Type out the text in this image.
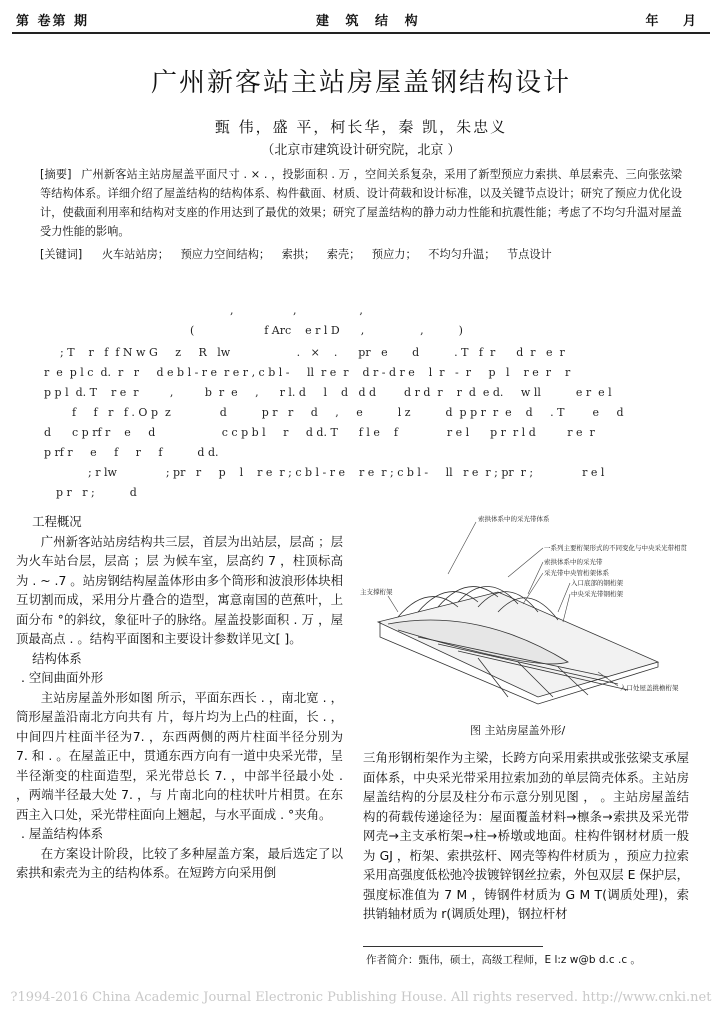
第 卷第 期	建 筑 结 构	年 月
广州新客站主站房屋盖钢结构设计
甄 伟，盛 平，柯长华，秦 凯，朱忠义
（北京市建筑设计研究院，北京 ）
[摘要] 广州新客站主站房屋盖平面尺寸 . × . ，投影面积 . 万 ，空间关系复杂，采用了新型预应力索拱、单层索壳、三向张弦梁等结构体系。详细介绍了屋盖结构的结构体系、构件截面、材质、设计荷载和设计标准，以及关键节点设计；研究了预应力优化设计，使截面利用率和结构对支座的作用达到了最优的效果；研究了屋盖结构的静力动力性能和抗震性能；考虑了不均匀升温对屋盖受力性能的影响。
[关键词] 火车站站房； 预应力空间结构； 索拱； 索壳； 预应力； 不均匀升温； 节点设计
,                 ,                  ,
(                    f Arc    e r l D      ,                ,          )
; T    r   f  f N w G     z     R   lw                   .   ×    .      pr   e       d          . T   f  r      d  r   e  r
r  e  p l c  d.  r   r     d e b l - r e  r e r , c b l -     ll  r e  r    d r - d r e    l  r   -  r     p   l    r e  r    r
p p l  d. T    r e  r         ,         b  r  e     ,      r l. d     l    d   d d        d r d  r    r  d  e d.     w ll          e r  e l
f     f   r   f . O p  z              d          p r   r     d     ,     e          l z          d  p p r  r  e    d     . T        e     d
d      c p rf r    e     d                   c c p b l     r     d d. T      f l e    f              r e l      p r  r l d         r e  r
p rf r     e     f     r     f          d d.
; r lw              ; pr   r     p    l    r e  r ; c b l - r e    r e  r ; c b l -     ll   r e  r ; pr  r ;              r e l
p r   r ;          d

工程概况

广州新客站站房结构共三层，首层为出站层，层高 ；层 为火车站台层，层高 ；层 为候车室，层高约 7 ，柱顶标高为 . ~ .7 。站房钢结构屋盖体形由多个筒形和波浪形体块相互切割而成，采用分片叠合的造型，寓意南国的芭蕉叶，上面分布 °的斜纹，象征叶子的脉络。屋盖投影面积 . 万 ，屋顶最高点 . 。结构平面图和主要设计参数详见文[ ]。

结构体系

. 空间曲面外形

主站房屋盖外形如图 所示，平面东西长 . ，南北宽 . ，筒形屋盖沿南北方向共有 片，每片均为上凸的柱面，长 . ，中间四片柱面半径为7. ，东西两侧的两片柱面半径分别为 7. 和 . 。在屋盖正中，贯通东西方向有一道中央采光带，呈半径渐变的柱面造型，采光带总长 7. ，中部半径最小处 . ，两端半径最大处 7. ，与 片南北向的柱状叶片相贯。在东西主入口处，采光带柱面向上翘起，与水平面成 . °夹角。

. 屋盖结构体系

在方案设计阶段，比较了多种屋盖方案，最后选定了以索拱和索壳为主的结构体系。在短跨方向采用倒

索拱体系中的采光带体系
一系列主要桁架形式的不同变化与中央采光带相贯
索拱体系中的采光带
采光带中央管桁架体系
入口底部的钢桁架
中央采光带钢桁架
入口处屋盖挑檐桁架
主支撑桁架
图 主站房屋盖外形/

三角形钢桁架作为主梁，长跨方向采用索拱或张弦梁支承屋面体系，中央采光带采用拉索加劲的单层筒壳体系。主站房屋盖结构的分层及柱分布示意分别见图 ， 。主站房屋盖结构的荷载传递途径为：屋面覆盖材料→檩条→索拱及采光带网壳→主支承桁架→柱→桥墩或地面。柱构件钢材材质一般为 GJ ，桁架、索拱弦杆、网壳等构件材质为 ，预应力拉索采用高强度低松弛冷拔镀锌钢丝拉索，外包双层 E 保护层，强度标准值为 7 M ，铸钢件材质为 G M T(调质处理)，索拱销轴材质为 r(调质处理)，钢拉杆材

作者简介：甄伟，硕士，高级工程师，E l:z w@b d.c .c 。
?1994-2016 China Academic Journal Electronic Publishing House. All rights reserved. http://www.cnki.net
